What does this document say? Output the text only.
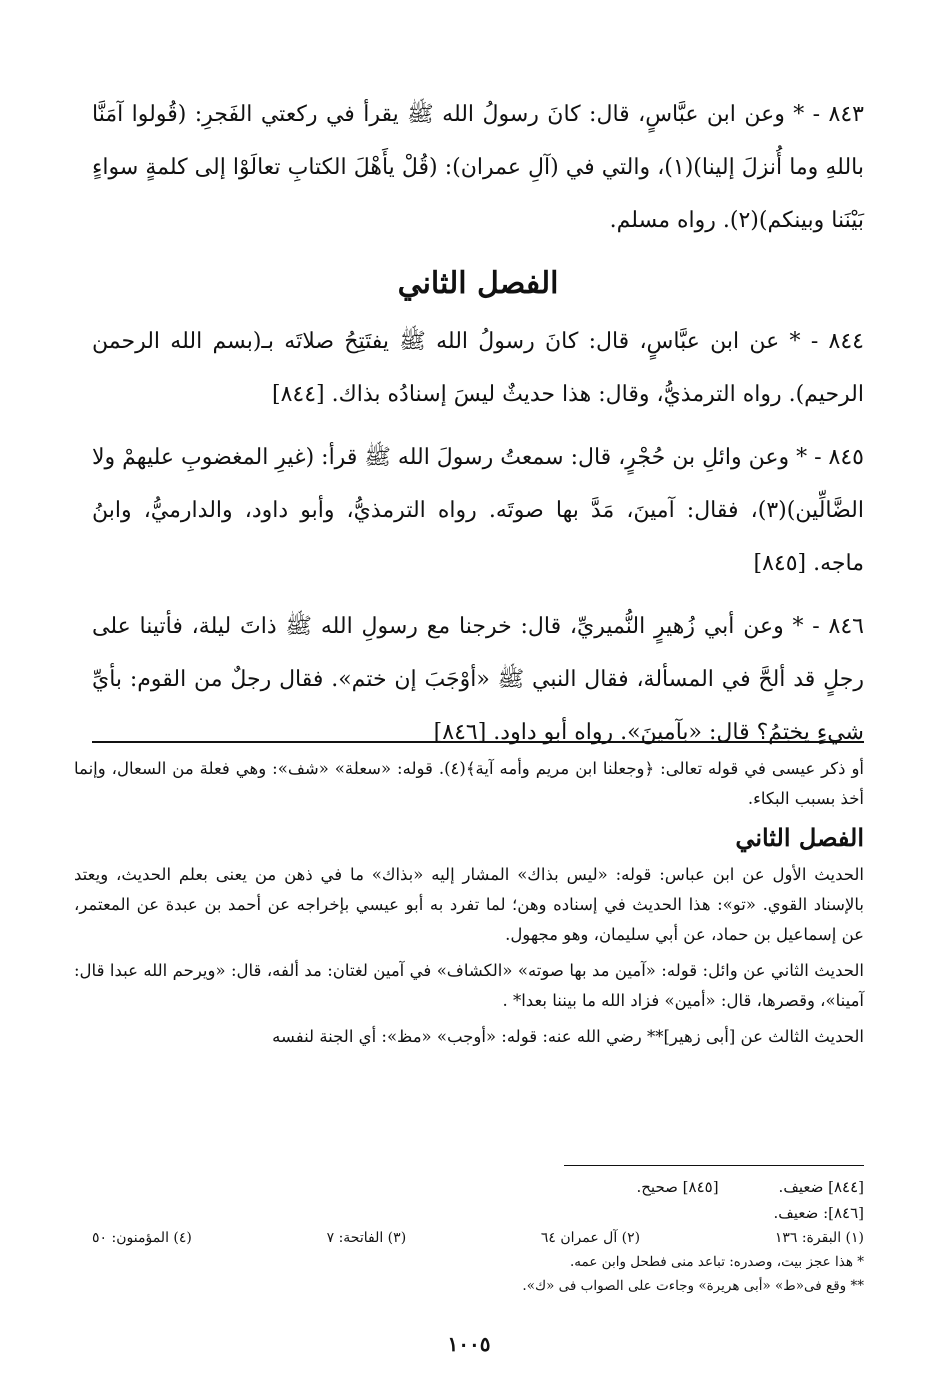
٨٤٣ - * وعن ابن عبَّاسٍ، قال: كانَ رسولُ الله ﷺ يقرأ في ركعتي الفَجرِ: (قُولوا آمَنَّا باللهِ وما أُنزلَ إلينا)(١)، والتي في (آلِ عمران): (قُلْ يأَهْلَ الكتابِ تعالَوْا إلى كلمةٍ سواءٍ بَيْنَنا وبينكم)(٢). رواه مسلم.

الفصل الثاني

٨٤٤ - * عن ابن عبَّاسٍ، قال: كانَ رسولُ الله ﷺ يفتَتِحُ صلاتَه بـ(بسم الله الرحمن الرحيم). رواه الترمذيُّ، وقال: هذا حديثٌ ليسَ إسنادُه بذاك. [٨٤٤]

٨٤٥ - * وعن وائلِ بن حُجْرٍ، قال: سمعتُ رسولَ الله ﷺ قرأ: (غيرِ المغضوبِ عليهمْ ولا الضَّالِّين)(٣)، فقال: آمينَ، مَدَّ بها صوتَه. رواه الترمذيُّ، وأبو داود، والدارميُّ، وابنُ ماجه. [٨٤٥]

٨٤٦ - * وعن أبي زُهيرٍ النُّميريِّ، قال: خرجنا مع رسولِ الله ﷺ ذاتَ ليلة، فأتينا على رجلٍ قد ألحَّ في المسألة، فقال النبي ﷺ «أوْجَبَ إن ختم». فقال رجلٌ من القوم: بأيِّ شيءٍ يختِمُ؟ قال: «بآمينَ». رواه أبو داود. [٨٤٦]

أو ذكر عيسى في قوله تعالى: ﴿وجعلنا ابن مريم وأمه آية﴾(٤). قوله: «سعلة» «شف»: وهي فعلة من السعال، وإنما أخذ بسبب البكاء.

الفصل الثاني

الحديث الأول عن ابن عباس: قوله: «ليس بذاك» المشار إليه «بذاك» ما في ذهن من يعنى بعلم الحديث، ويعتد بالإسناد القوي. «تو»: هذا الحديث في إسناده وهن؛ لما تفرد به أبو عيسي بإخراجه عن أحمد بن عبدة عن المعتمر، عن إسماعيل بن حماد، عن أبي سليمان، وهو مجهول.

الحديث الثاني عن وائل: قوله: «آمين مد بها صوته» «الكشاف» في آمين لغتان: مد ألفه، قال: «ويرحم الله عبدا قال: آمينا»، وقصرها، قال: «أمين» فزاد الله ما بيننا بعدا* .

الحديث الثالث عن [أبى زهير]** رضي الله عنه: قوله: «أوجب» «مظ»: أي الجنة لنفسه

[٨٤٤] ضعيف.
[٨٤٥] صحيح.
[٨٤٦]: ضعيف.
(١) البقرة: ١٣٦
(٢) آل عمران ٦٤
(٣) الفاتحة: ٧
(٤) المؤمنون: ٥٠

* هذا عجز بيت، وصدره: تباعد منى فطحل وابن عمه.

** وقع فى«ط» «أبى هريرة» وجاءت على الصواب فى «ك».

١٠٠٥
